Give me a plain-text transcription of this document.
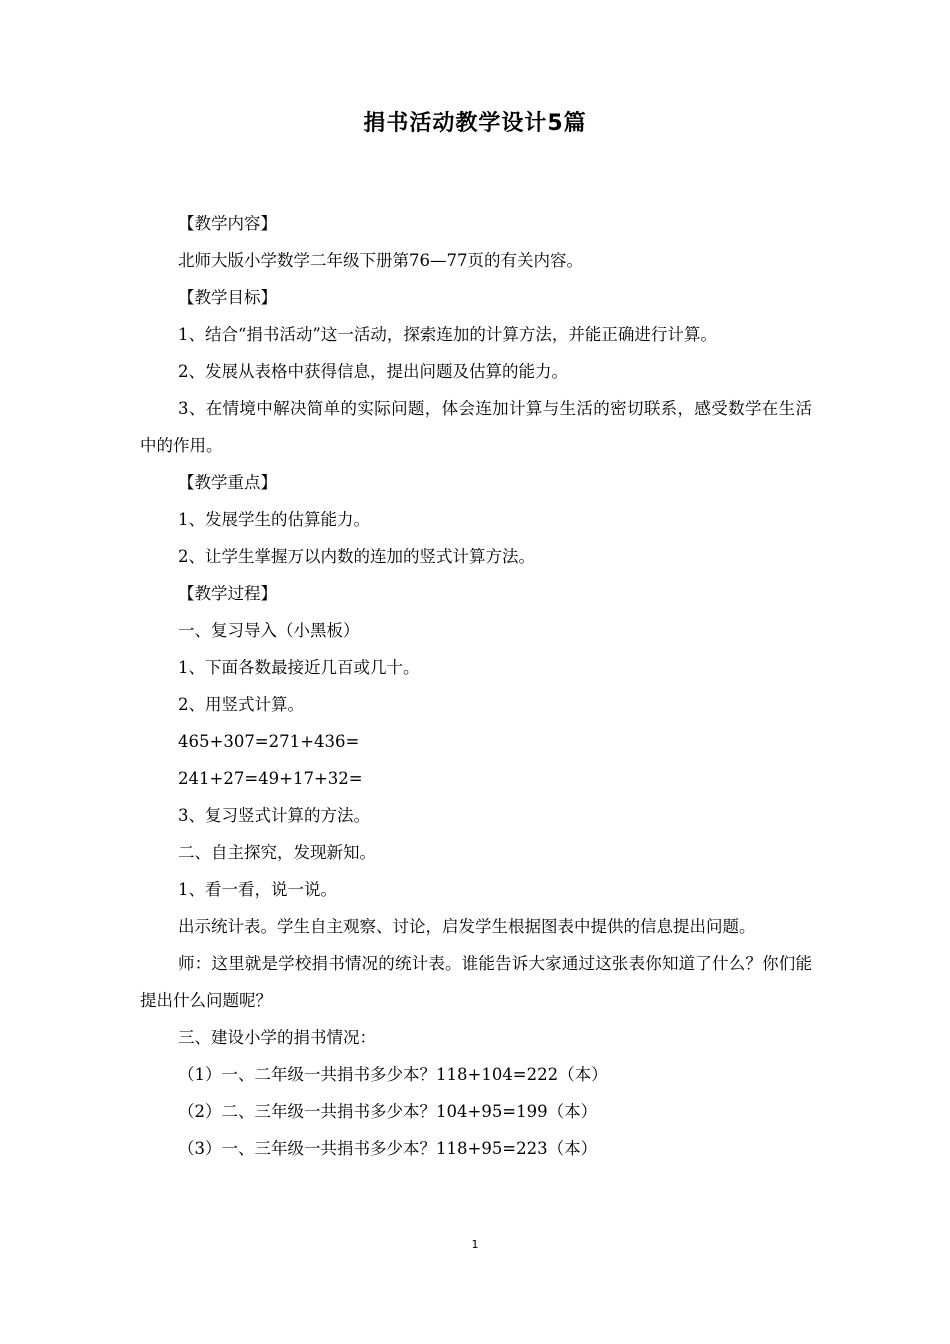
捐书活动教学设计5篇

【教学内容】

北师大版小学数学二年级下册第76—77页的有关内容。

【教学目标】

1、结合“捐书活动”这一活动，探索连加的计算方法，并能正确进行计算。

2、发展从表格中获得信息，提出问题及估算的能力。

3、在情境中解决简单的实际问题，体会连加计算与生活的密切联系，感受数学在生活中的作用。

【教学重点】

1、发展学生的估算能力。

2、让学生掌握万以内数的连加的竖式计算方法。

【教学过程】

一、复习导入（小黑板）

1、下面各数最接近几百或几十。

2、用竖式计算。

465+307=271+436=

241+27=49+17+32=

3、复习竖式计算的方法。

二、自主探究，发现新知。

1、看一看，说一说。

出示统计表。学生自主观察、讨论，启发学生根据图表中提供的信息提出问题。

师：这里就是学校捐书情况的统计表。谁能告诉大家通过这张表你知道了什么？你们能提出什么问题呢？

三、建设小学的捐书情况：

（1）一、二年级一共捐书多少本？118+104=222（本）

（2）二、三年级一共捐书多少本？104+95=199（本）

（3）一、三年级一共捐书多少本？118+95=223（本）

1
